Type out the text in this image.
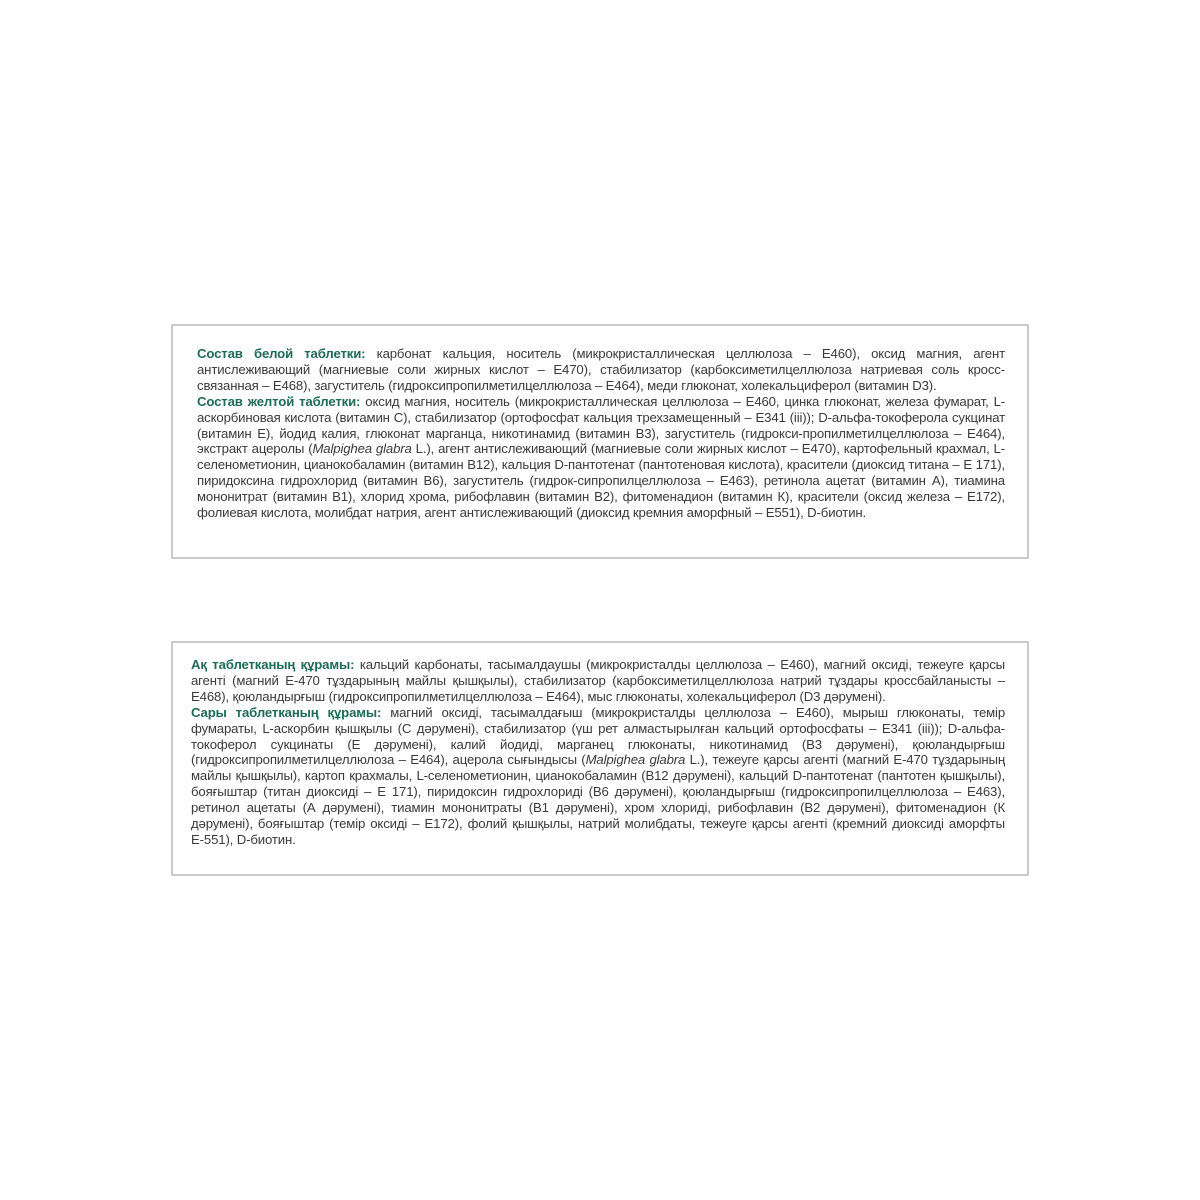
Состав белой таблетки: карбонат кальция, носитель (микрокристаллическая целлюлоза – E460), оксид магния, агент антислеживающий (магниевые соли жирных кислот – E470), стабилизатор (карбоксиметилцеллюлоза натриевая соль кросс-связанная – E468), загуститель (гидроксипропилметилцеллюлоза – E464), меди глюконат, холекальциферол (витамин D3).

Состав желтой таблетки: оксид магния, носитель (микрокристаллическая целлюлоза – E460, цинка глюконат, железа фумарат, L-аскорбиновая кислота (витамин С), стабилизатор (ортофосфат кальция трехзамещенный – E341 (iii)); D-альфа-токоферола сукцинат (витамин Е), йодид калия, глюконат марганца, никотинамид (витамин В3), загуститель (гидрокси-пропилметилцеллюлоза – E464), экстракт ацеролы (Malpighea glabra L.), агент антислеживающий (магниевые соли жирных кислот – E470), картофельный крахмал, L-селенометионин, цианокобаламин (витамин В12), кальция D-пантотенат (пантотеновая кислота), красители (диоксид титана – E 171), пиридоксина гидрохлорид (витамин В6), загуститель (гидрок-сипропилцеллюлоза – E463), ретинола ацетат (витамин А), тиамина мононитрат (витамин В1), хлорид хрома, рибофлавин (витамин В2), фитоменадион (витамин К), красители (оксид железа – E172), фолиевая кислота, молибдат натрия, агент антислеживающий (диоксид кремния аморфный – E551), D-биотин.

Ақ таблетканың құрамы: кальций карбонаты, тасымалдаушы (микрокристалды целлюлоза – E460), магний оксиді, тежеуге қарсы агенті (магний Е-470 тұздарының майлы қышқылы), стабилизатор (карбоксиметилцеллюлоза натрий тұздары кроссбайланысты – E468), қоюландырғыш (гидроксипропилметилцеллюлоза – E464), мыс глюконаты, холекальциферол (D3 дәрумені).

Сары таблетканың құрамы: магний оксиді, тасымалдағыш (микрокристалды целлюлоза – E460), мырыш глюконаты, темір фумараты, L-аскорбин қышқылы (С дәрумені), стабилизатор (үш рет алмастырылған кальций ортофосфаты – E341 (iii)); D-альфа-токоферол сукцинаты (Е дәрумені), калий йодиді, марганец глюконаты, никотинамид (В3 дәрумені), қоюландырғыш (гидроксипропилметилцеллюлоза – E464), ацерола сығындысы (Malpighea glabra L.), тежеуге қарсы агенті (магний Е-470 тұздарының майлы қышқылы), картоп крахмалы, L-селенометионин, цианокобаламин (В12 дәрумені), кальций D-пантотенат (пантотен қышқылы), бояғыштар (титан диоксиді – E 171), пиридоксин гидрохлориді (В6 дәрумені), қоюландырғыш (гидроксипропилцеллюлоза – E463), ретинол ацетаты (А дәрумені), тиамин мононитраты (В1 дәрумені), хром хлориді, рибофлавин (В2 дәрумені), фитоменадион (К дәрумені), бояғыштар (темір оксиді – E172), фолий қышқылы, натрий молибдаты, тежеуге қарсы агенті (кремний диоксиді аморфты Е-551), D-биотин.
